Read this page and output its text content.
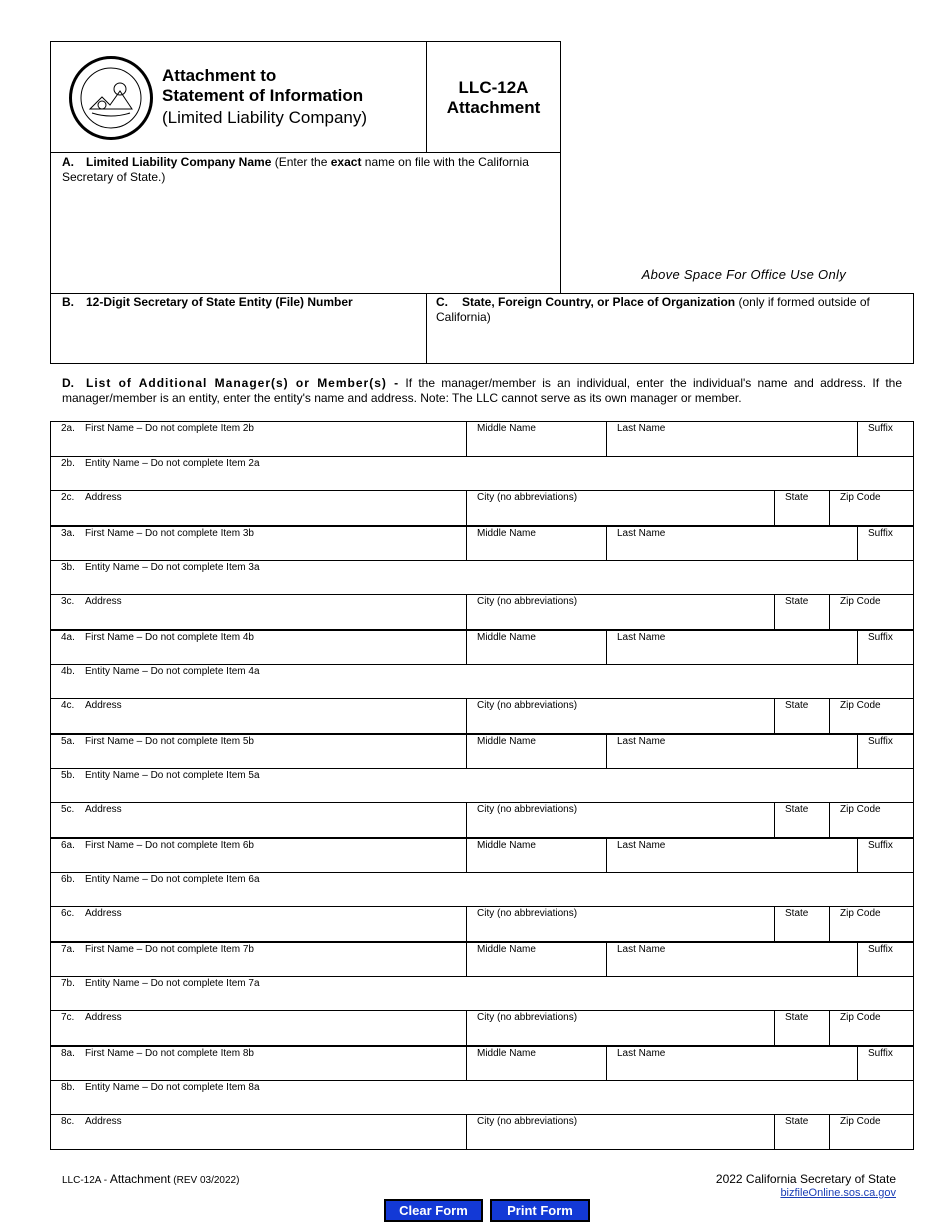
Attachment to
Statement of Information
(Limited Liability Company)
LLC-12A
Attachment
A. Limited Liability Company Name (Enter the exact name on file with the California Secretary of State.)
Above Space For Office Use Only
B. 12-Digit Secretary of State Entity (File) Number	C. State, Foreign Country, or Place of Organization (only if formed outside of California)
D. List of Additional Manager(s) or Member(s) - If the manager/member is an individual, enter the individual's name and address. If the manager/member is an entity, enter the entity's name and address. Note: The LLC cannot serve as its own manager or member.
2a. First Name – Do not complete Item 2b	Middle Name	Last Name	Suffix
2b. Entity Name – Do not complete Item 2a
2c. Address	City (no abbreviations)	State	Zip Code
3a. First Name – Do not complete Item 3b	Middle Name	Last Name	Suffix
3b. Entity Name – Do not complete Item 3a
3c. Address	City (no abbreviations)	State	Zip Code
4a. First Name – Do not complete Item 4b	Middle Name	Last Name	Suffix
4b. Entity Name – Do not complete Item 4a
4c. Address	City (no abbreviations)	State	Zip Code
5a. First Name – Do not complete Item 5b	Middle Name	Last Name	Suffix
5b. Entity Name – Do not complete Item 5a
5c. Address	City (no abbreviations)	State	Zip Code
6a. First Name – Do not complete Item 6b	Middle Name	Last Name	Suffix
6b. Entity Name – Do not complete Item 6a
6c. Address	City (no abbreviations)	State	Zip Code
7a. First Name – Do not complete Item 7b	Middle Name	Last Name	Suffix
7b. Entity Name – Do not complete Item 7a
7c. Address	City (no abbreviations)	State	Zip Code
8a. First Name – Do not complete Item 8b	Middle Name	Last Name	Suffix
8b. Entity Name – Do not complete Item 8a
8c. Address	City (no abbreviations)	State	Zip Code
LLC-12A - Attachment (REV 03/2022)	2022 California Secretary of State
bizfileOnline.sos.ca.gov
Clear Form	Print Form
